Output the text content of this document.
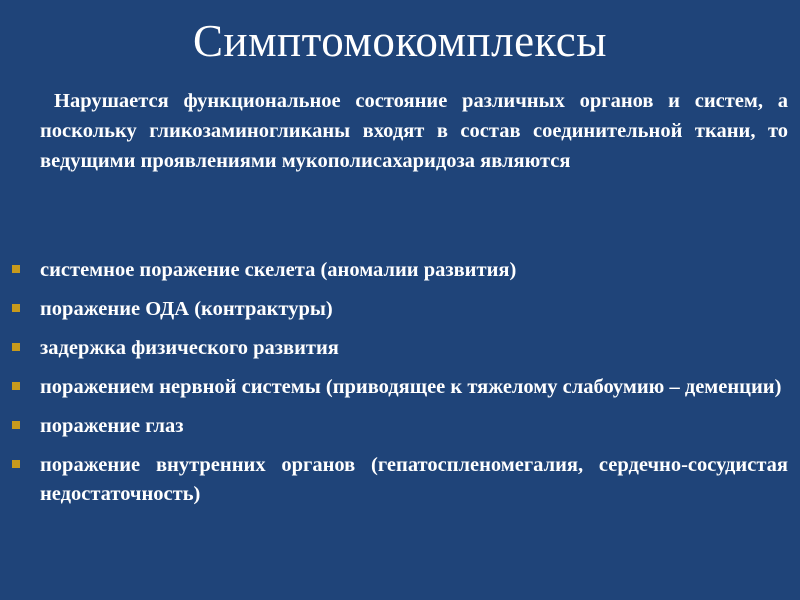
Симптомокомплексы

Нарушается функциональное состояние различных органов и систем, а поскольку гликозаминогликаны входят в состав соединительной ткани, то ведущими проявлениями мукополисахаридоза являются

системное поражение скелета (аномалии развития)
поражение ОДА (контрактуры)
задержка физического развития
поражением нервной системы (приводящее к тяжелому слабоумию – деменции)
поражение глаз
поражение внутренних органов (гепатоспленомегалия, сердечно-сосудистая недостаточность)
